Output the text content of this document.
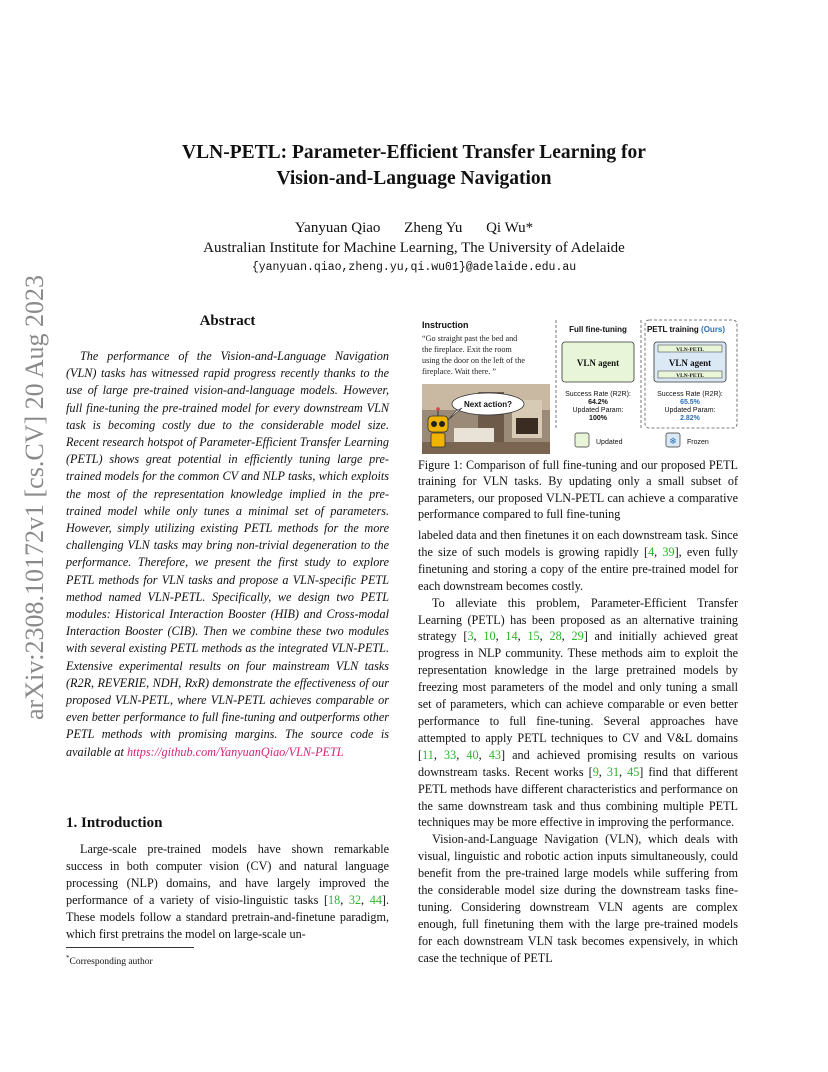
arXiv:2308.10172v1 [cs.CV] 20 Aug 2023
VLN-PETL: Parameter-Efficient Transfer Learning for
Vision-and-Language Navigation
Yanyuan Qiao Zheng Yu Qi Wu*
Australian Institute for Machine Learning, The University of Adelaide
{yanyuan.qiao,zheng.yu,qi.wu01}@adelaide.edu.au
Abstract

The performance of the Vision-and-Language Navigation (VLN) tasks has witnessed rapid progress recently thanks to the use of large pre-trained vision-and-language models. However, full fine-tuning the pre-trained model for every downstream VLN task is becoming costly due to the considerable model size. Recent research hotspot of Parameter-Efficient Transfer Learning (PETL) shows great potential in efficiently tuning large pre-trained models for the common CV and NLP tasks, which exploits the most of the representation knowledge implied in the pre-trained model while only tunes a minimal set of parameters. However, simply utilizing existing PETL methods for the more challenging VLN tasks may bring non-trivial degeneration to the performance. Therefore, we present the first study to explore PETL methods for VLN tasks and propose a VLN-specific PETL method named VLN-PETL. Specifically, we design two PETL modules: Historical Interaction Booster (HIB) and Cross-modal Interaction Booster (CIB). Then we combine these two modules with several existing PETL methods as the integrated VLN-PETL. Extensive experimental results on four mainstream VLN tasks (R2R, REVERIE, NDH, RxR) demonstrate the effectiveness of our proposed VLN-PETL, where VLN-PETL achieves comparable or even better performance to full fine-tuning and outperforms other PETL methods with promising margins. The source code is available at https://github.com/YanyuanQiao/VLN-PETL

1. Introduction

Large-scale pre-trained models have shown remarkable success in both computer vision (CV) and natural language processing (NLP) domains, and have largely improved the performance of a variety of visio-linguistic tasks [18, 32, 44]. These models follow a standard pretrain-and-finetune paradigm, which first pretrains the model on large-scale un-

*Corresponding author
Instruction
“Go straight past the bed and
the fireplace. Exit the room
using the door on the left of the
fireplace. Wait there. ”
Next action?
Full fine-tuning
VLN agent
Success Rate (R2R):
64.2%
Updated Param:
100%
PETL training (Ours)
VLN-PETL
VLN agent
VLN-PETL
Success Rate (R2R):
65.5%
Updated Param:
2.82%
Updated	❄ Frozen

Figure 1: Comparison of full fine-tuning and our proposed PETL training for VLN tasks. By updating only a small subset of parameters, our proposed VLN-PETL can achieve a comparative performance compared to full fine-tuning

labeled data and then finetunes it on each downstream task. Since the size of such models is growing rapidly [4, 39], even fully finetuning and storing a copy of the entire pre-trained model for each downstream becomes costly.

To alleviate this problem, Parameter-Efficient Transfer Learning (PETL) has been proposed as an alternative training strategy [3, 10, 14, 15, 28, 29] and initially achieved great progress in NLP community. These methods aim to exploit the representation knowledge in the large pretrained models by freezing most parameters of the model and only tuning a small set of parameters, which can achieve comparable or even better performance to full fine-tuning. Several approaches have attempted to apply PETL techniques to CV and V&L domains [11, 33, 40, 43] and achieved promising results on various downstream tasks. Recent works [9, 31, 45] find that different PETL methods have different characteristics and performance on the same downstream task and thus combining multiple PETL techniques may be more effective in improving the performance.

Vision-and-Language Navigation (VLN), which deals with visual, linguistic and robotic action inputs simultaneously, could benefit from the pre-trained large models while suffering from the considerable model size during the downstream tasks fine-tuning. Considering downstream VLN agents are complex enough, full finetuning them with the large pre-trained models for each downstream VLN task becomes expensively, in which case the technique of PETL
